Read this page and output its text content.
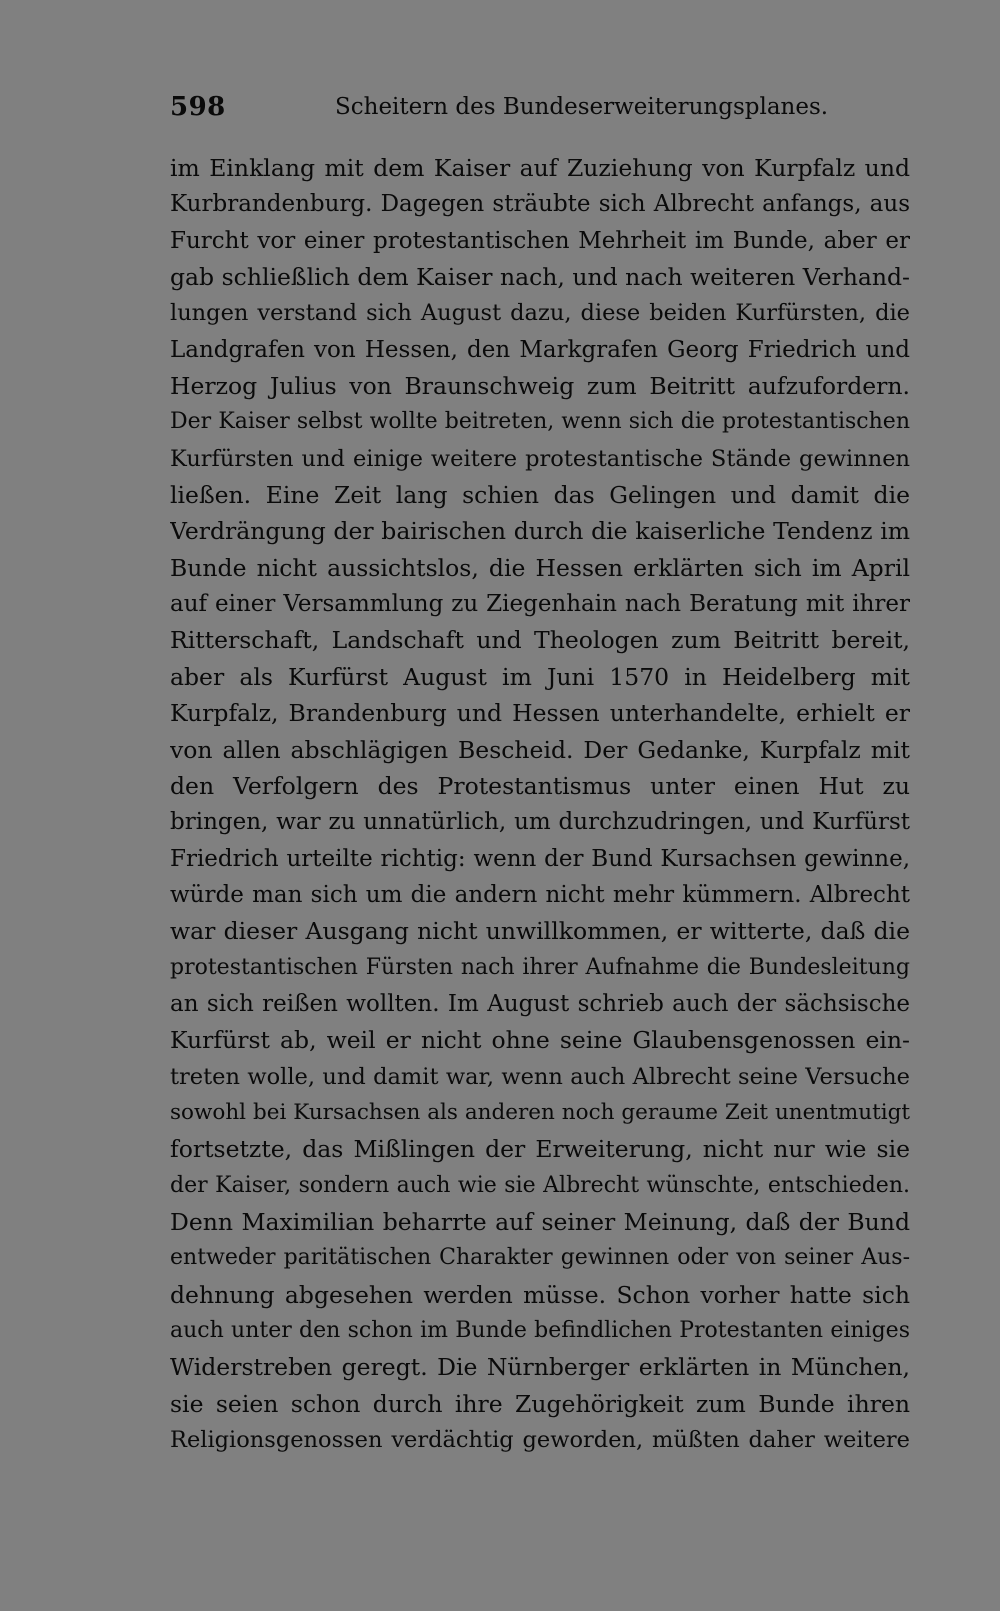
598	Scheitern des Bundeserweiterungsplanes.
im Einklang mit dem Kaiser auf Zuziehung von Kurpfalz und
Kurbrandenburg. Dagegen sträubte sich Albrecht anfangs, aus
Furcht vor einer protestantischen Mehrheit im Bunde, aber er
gab schließlich dem Kaiser nach, und nach weiteren Verhand-
lungen verstand sich August dazu, diese beiden Kurfürsten, die
Landgrafen von Hessen, den Markgrafen Georg Friedrich und
Herzog Julius von Braunschweig zum Beitritt aufzufordern.
Der Kaiser selbst wollte beitreten, wenn sich die protestantischen
Kurfürsten und einige weitere protestantische Stände gewinnen
ließen. Eine Zeit lang schien das Gelingen und damit die
Verdrängung der bairischen durch die kaiserliche Tendenz im
Bunde nicht aussichtslos, die Hessen erklärten sich im April
auf einer Versammlung zu Ziegenhain nach Beratung mit ihrer
Ritterschaft, Landschaft und Theologen zum Beitritt bereit,
aber als Kurfürst August im Juni 1570 in Heidelberg mit
Kurpfalz, Brandenburg und Hessen unterhandelte, erhielt er
von allen abschlägigen Bescheid. Der Gedanke, Kurpfalz mit
den Verfolgern des Protestantismus unter einen Hut zu
bringen, war zu unnatürlich, um durchzudringen, und Kurfürst
Friedrich urteilte richtig: wenn der Bund Kursachsen gewinne,
würde man sich um die andern nicht mehr kümmern. Albrecht
war dieser Ausgang nicht unwillkommen, er witterte, daß die
protestantischen Fürsten nach ihrer Aufnahme die Bundesleitung
an sich reißen wollten. Im August schrieb auch der sächsische
Kurfürst ab, weil er nicht ohne seine Glaubensgenossen ein-
treten wolle, und damit war, wenn auch Albrecht seine Versuche
sowohl bei Kursachsen als anderen noch geraume Zeit unentmutigt
fortsetzte, das Mißlingen der Erweiterung, nicht nur wie sie
der Kaiser, sondern auch wie sie Albrecht wünschte, entschieden.
Denn Maximilian beharrte auf seiner Meinung, daß der Bund
entweder paritätischen Charakter gewinnen oder von seiner Aus-
dehnung abgesehen werden müsse. Schon vorher hatte sich
auch unter den schon im Bunde befindlichen Protestanten einiges
Widerstreben geregt. Die Nürnberger erklärten in München,
sie seien schon durch ihre Zugehörigkeit zum Bunde ihren
Religionsgenossen verdächtig geworden, müßten daher weitere
